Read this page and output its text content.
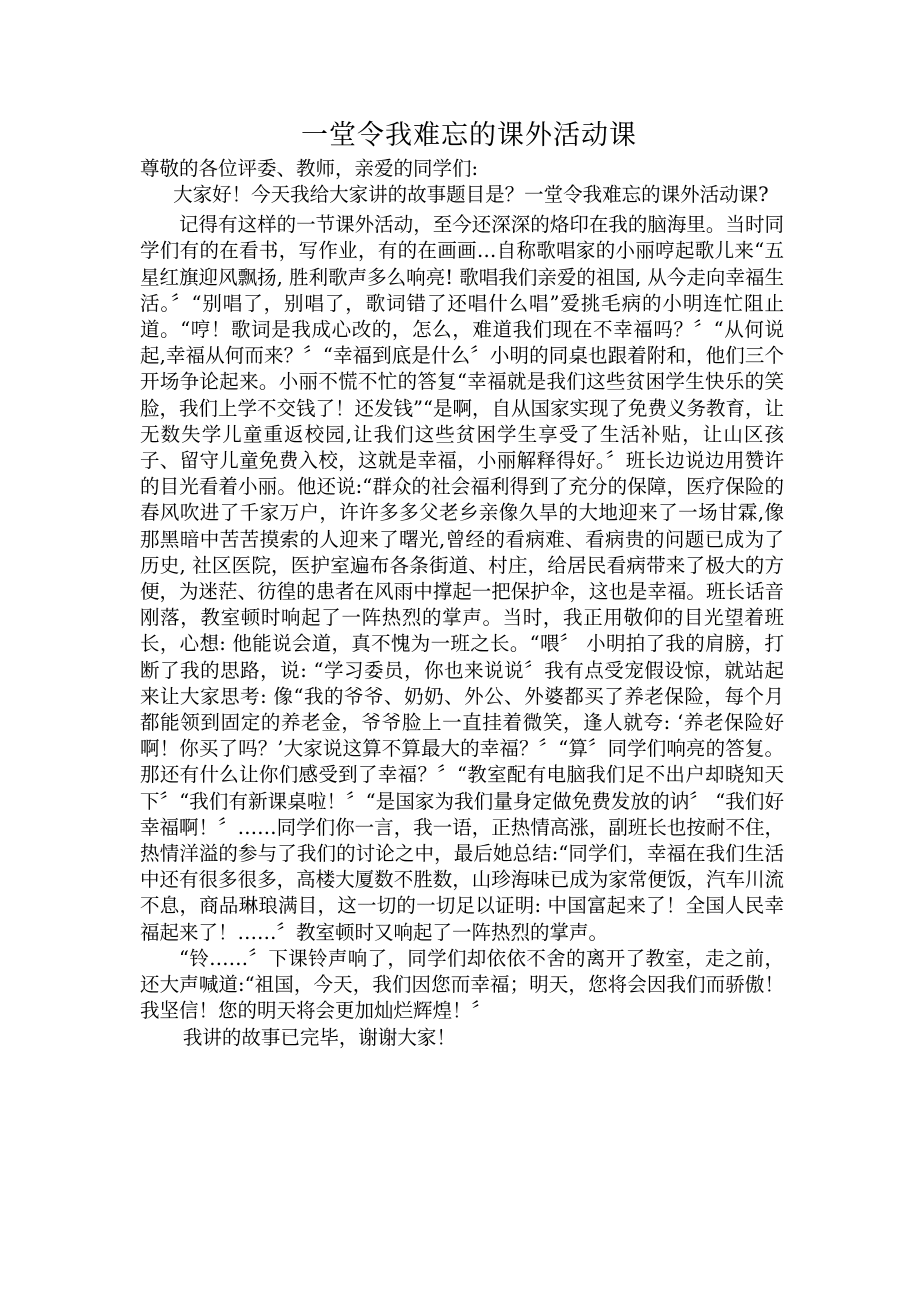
一堂令我难忘的课外活动课

尊敬的各位评委、教师，亲爱的同学们:

大家好！今天我给大家讲的故事题目是？一堂令我难忘的课外活动课?

记得有这样的一节课外活动，至今还深深的烙印在我的脑海里。当时同学们有的在看书，写作业，有的在画画…自称歌唱家的小丽哼起歌儿来“五星红旗迎风飘扬, 胜利歌声多么响亮! 歌唱我们亲爱的祖国, 从今走向幸福生活。〞“别唱了，别唱了，歌词错了还唱什么唱”爱挑毛病的小明连忙阻止道。“哼！歌词是我成心改的，怎么，难道我们现在不幸福吗？〞“从何说起,幸福从何而来？〞“幸福到底是什么〞小明的同桌也跟着附和，他们三个开场争论起来。小丽不慌不忙的答复“幸福就是我们这些贫困学生快乐的笑脸，我们上学不交钱了！还发钱”“是啊，自从国家实现了免费义务教育，让无数失学儿童重返校园,让我们这些贫困学生享受了生活补贴，让山区孩子、留守儿童免费入校，这就是幸福，小丽解释得好。〞班长边说边用赞许的目光看着小丽。他还说:“群众的社会福利得到了充分的保障，医疗保险的春风吹进了千家万户，许许多多父老乡亲像久旱的大地迎来了一场甘霖,像那黑暗中苦苦摸索的人迎来了曙光,曾经的看病难、看病贵的问题已成为了历史, 社区医院，医护室遍布各条街道、村庄，给居民看病带来了极大的方便，为迷茫、彷徨的患者在风雨中撑起一把保护伞，这也是幸福。班长话音刚落，教室顿时响起了一阵热烈的掌声。当时，我正用敬仰的目光望着班长，心想: 他能说会道，真不愧为一班之长。“喂〞 小明拍了我的肩膀，打断了我的思路，说: “学习委员，你也来说说〞我有点受宠假设惊，就站起来让大家思考: 像“我的爷爷、奶奶、外公、外婆都买了养老保险，每个月都能领到固定的养老金，爷爷脸上一直挂着微笑，逢人就夸: ‘养老保险好啊！你买了吗？’大家说这算不算最大的幸福？〞“算〞同学们响亮的答复。那还有什么让你们感受到了幸福？〞“教室配有电脑我们足不出户却晓知天下〞“我们有新课桌啦！〞“是国家为我们量身定做免费发放的讷〞 “我们好幸福啊！〞……同学们你一言，我一语，正热情高涨，副班长也按耐不住，热情洋溢的参与了我们的讨论之中，最后她总结:“同学们，幸福在我们生活中还有很多很多，高楼大厦数不胜数，山珍海味已成为家常便饭，汽车川流不息，商品琳琅满目，这一切的一切足以证明: 中国富起来了！全国人民幸福起来了！……〞教室顿时又响起了一阵热烈的掌声。

“铃……〞下课铃声响了，同学们却依依不舍的离开了教室，走之前，还大声喊道:“祖国，今天，我们因您而幸福；明天，您将会因我们而骄傲！我坚信！您的明天将会更加灿烂辉煌！〞

我讲的故事已完毕，谢谢大家！
